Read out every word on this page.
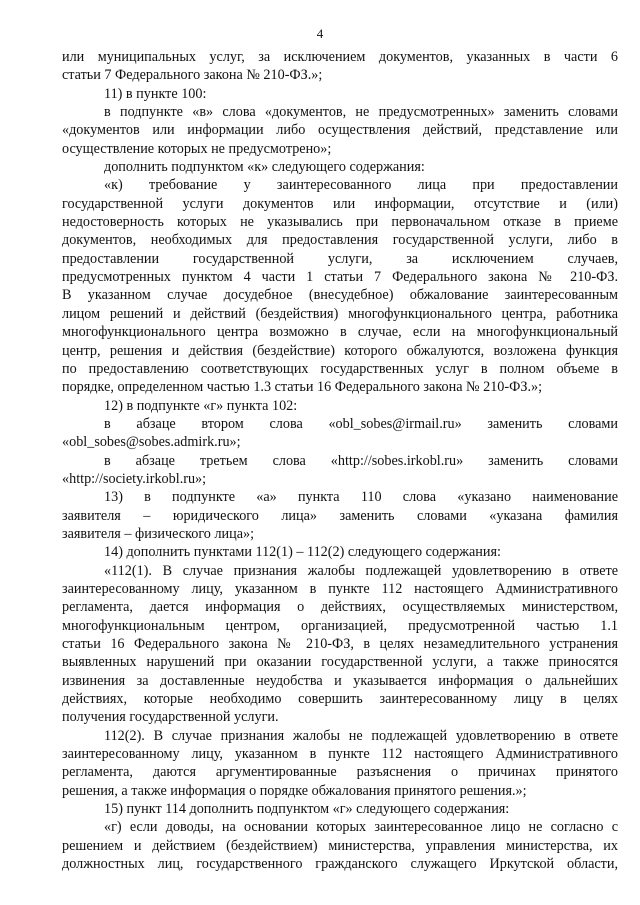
4
или муниципальных услуг, за исключением документов, указанных в части 6
статьи 7 Федерального закона № 210-ФЗ.»;
11) в пункте 100:
в подпункте «в» слова «документов, не предусмотренных» заменить словами
«документов или информации либо осуществления действий, представление или
осуществление которых не предусмотрено»;
дополнить подпунктом «к» следующего содержания:
«к) требование у заинтересованного лица при предоставлении
государственной услуги документов или информации, отсутствие и (или)
недостоверность которых не указывались при первоначальном отказе в приеме
документов, необходимых для предоставления государственной услуги, либо в
предоставлении государственной услуги, за исключением случаев,
предусмотренных пунктом 4 части 1 статьи 7 Федерального закона № 210-ФЗ.
В указанном случае досудебное (внесудебное) обжалование заинтересованным
лицом решений и действий (бездействия) многофункционального центра, работника
многофункционального центра возможно в случае, если на многофункциональный
центр, решения и действия (бездействие) которого обжалуются, возложена функция
по предоставлению соответствующих государственных услуг в полном объеме в
порядке, определенном частью 1.3 статьи 16 Федерального закона № 210-ФЗ.»;
12) в подпункте «г» пункта 102:
в абзаце втором слова «obl_sobes@irmail.ru» заменить словами
«obl_sobes@sobes.admirk.ru»;
в абзаце третьем слова «http://sobes.irkobl.ru» заменить словами
«http://society.irkobl.ru»;
13) в подпункте «а» пункта 110 слова «указано наименование
заявителя – юридического лица» заменить словами «указана фамилия
заявителя – физического лица»;
14) дополнить пунктами 112(1) – 112(2) следующего содержания:
«112(1). В случае признания жалобы подлежащей удовлетворению в ответе
заинтересованному лицу, указанном в пункте 112 настоящего Административного
регламента, дается информация о действиях, осуществляемых министерством,
многофункциональным центром, организацией, предусмотренной частью 1.1
статьи 16 Федерального закона № 210-ФЗ, в целях незамедлительного устранения
выявленных нарушений при оказании государственной услуги, а также приносятся
извинения за доставленные неудобства и указывается информация о дальнейших
действиях, которые необходимо совершить заинтересованному лицу в целях
получения государственной услуги.
112(2). В случае признания жалобы не подлежащей удовлетворению в ответе
заинтересованному лицу, указанном в пункте 112 настоящего Административного
регламента, даются аргументированные разъяснения о причинах принятого
решения, а также информация о порядке обжалования принятого решения.»;
15) пункт 114 дополнить подпунктом «г» следующего содержания:
«г) если доводы, на основании которых заинтересованное лицо не согласно с
решением и действием (бездействием) министерства, управления министерства, их
должностных лиц, государственного гражданского служащего Иркутской области,
